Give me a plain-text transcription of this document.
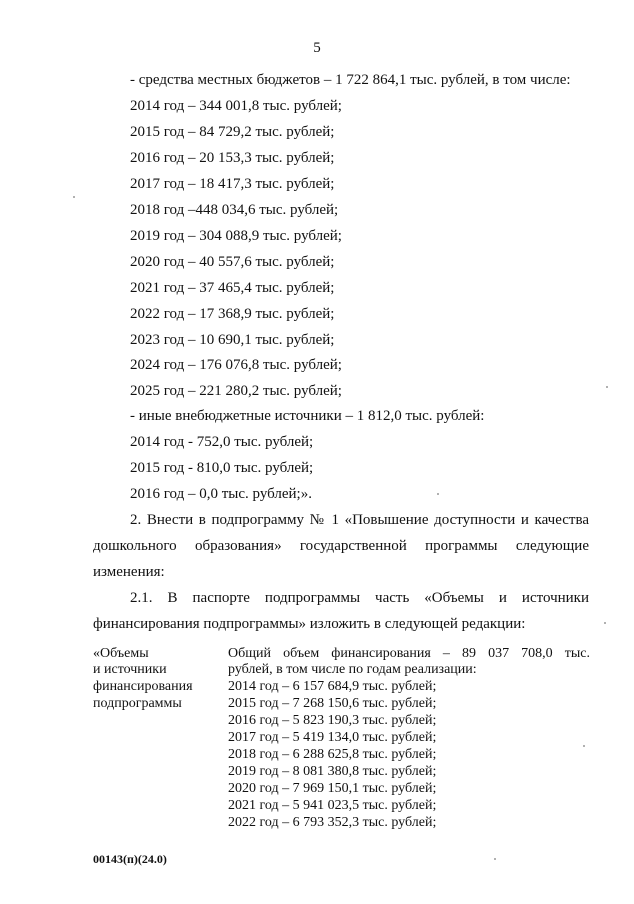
5
- средства местных бюджетов – 1 722 864,1 тыс. рублей, в том числе:
2014 год – 344 001,8 тыс. рублей;
2015 год – 84 729,2 тыс. рублей;
2016 год – 20 153,3 тыс. рублей;
2017 год – 18 417,3 тыс. рублей;
2018 год –448 034,6 тыс. рублей;
2019 год – 304 088,9 тыс. рублей;
2020 год – 40 557,6 тыс. рублей;
2021 год – 37 465,4 тыс. рублей;
2022 год – 17 368,9 тыс. рублей;
2023 год – 10 690,1 тыс. рублей;
2024 год – 176 076,8 тыс. рублей;
2025 год – 221 280,2 тыс. рублей;
- иные внебюджетные источники – 1 812,0 тыс. рублей:
2014 год - 752,0 тыс. рублей;
2015 год - 810,0 тыс. рублей;
2016 год – 0,0 тыс. рублей;».
2. Внести в подпрограмму № 1 «Повышение доступности и качества
дошкольного образования» государственной программы следующие
изменения:
2.1. В паспорте подпрограммы часть «Объемы и источники
финансирования подпрограммы» изложить в следующей редакции:
«Объемы
и источники
финансирования
подпрограммы
Общий объем финансирования – 89 037 708,0 тыс.
рублей, в том числе по годам реализации:
2014 год – 6 157 684,9 тыс. рублей;
2015 год – 7 268 150,6 тыс. рублей;
2016 год – 5 823 190,3 тыс. рублей;
2017 год – 5 419 134,0 тыс. рублей;
2018 год – 6 288 625,8 тыс. рублей;
2019 год – 8 081 380,8 тыс. рублей;
2020 год – 7 969 150,1 тыс. рублей;
2021 год – 5 941 023,5 тыс. рублей;
2022 год – 6 793 352,3 тыс. рублей;
00143(п)(24.0)
